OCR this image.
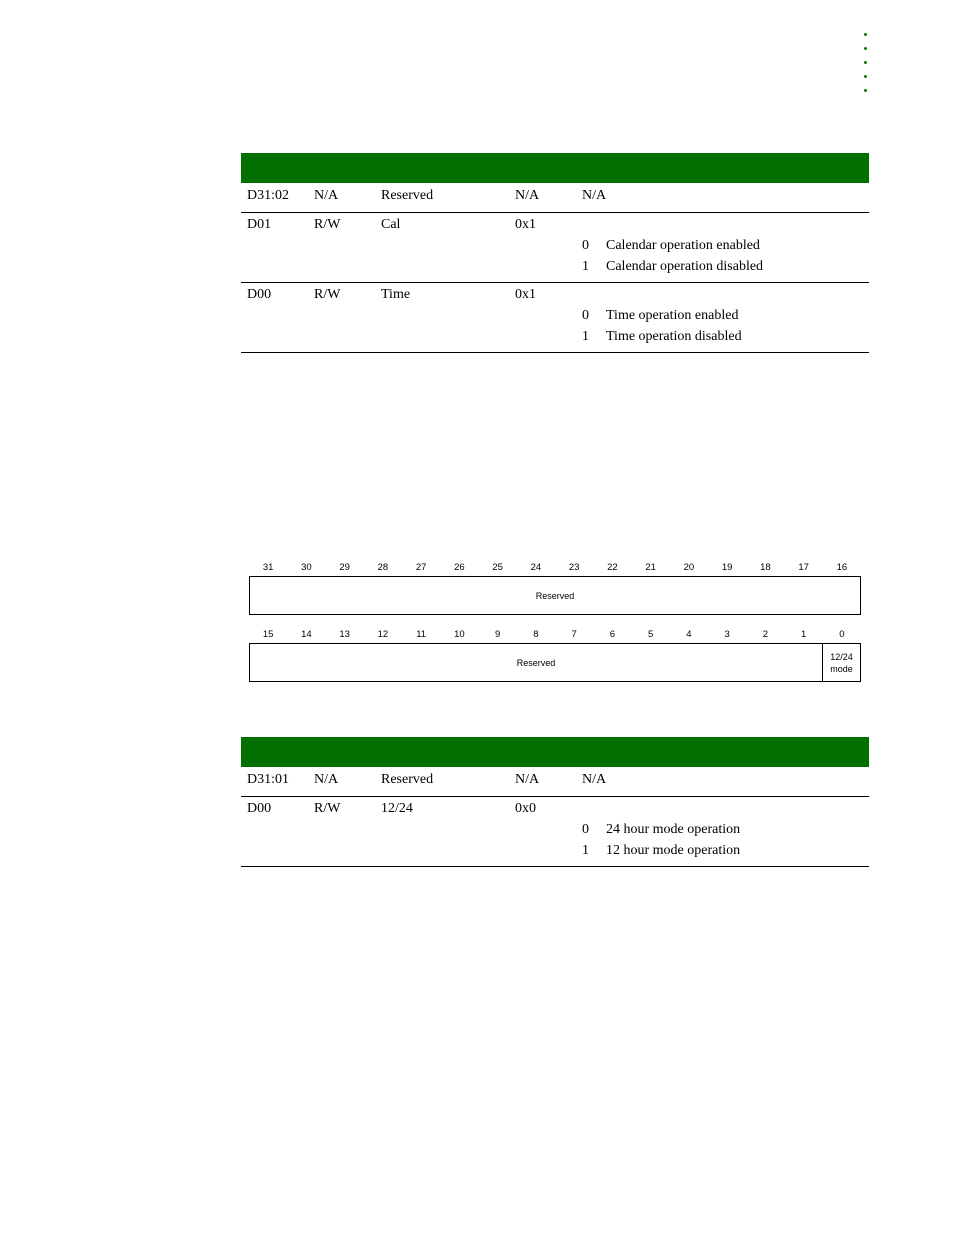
D31:02	N/A	Reserved	N/A	N/A

D01	R/W	Cal	0x1	0 Calendar operation enabled
1 Calendar operation disabled

D00	R/W	Time	0x1	0 Time operation enabled
1 Time operation disabled
31	30	29	28	27	26	25	24	23	22	21	20	19	18	17	16
Reserved
15	14	13	12	11	10	9	8	7	6	5	4	3	2	1	0
Reserved
12/24 mode

D31:01	N/A	Reserved	N/A	N/A

D00	R/W	12/24	0x0	0 24 hour mode operation
1 12 hour mode operation
